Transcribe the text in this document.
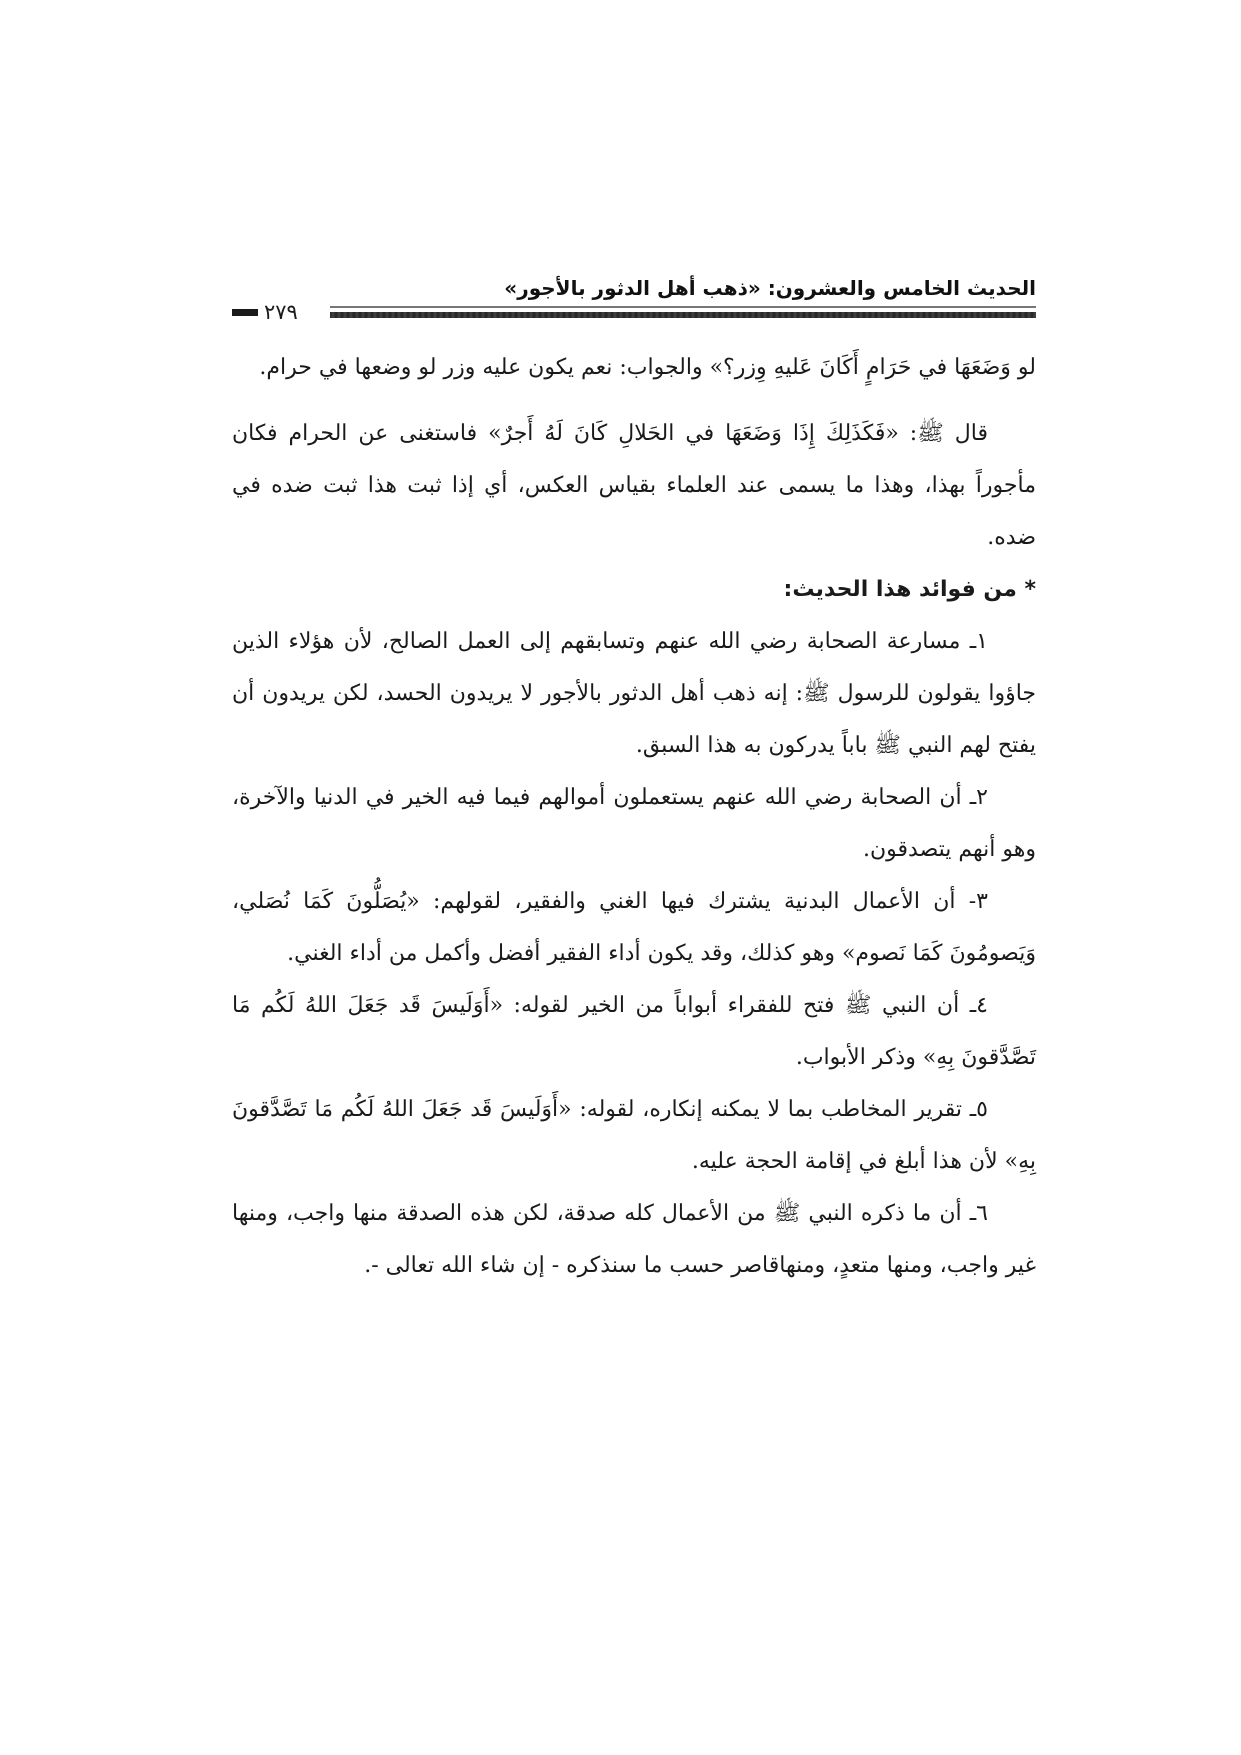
الحديث الخامس والعشرون: «ذهب أهل الدثور بالأجور»
٢٧٩

لو وَضَعَهَا في حَرَامٍ أَكَانَ عَليهِ وِزر؟» والجواب: نعم يكون عليه وزر لو وضعها في حرام.

قال ﷺ: «فَكَذَلِكَ إِذَا وَضَعَهَا في الحَلالِ كَانَ لَهُ أَجرٌ» فاستغنى عن الحرام فكان مأجوراً بهذا، وهذا ما يسمى عند العلماء بقياس العكس، أي إذا ثبت هذا ثبت ضده في ضده.

* من فوائد هذا الحديث:

١ـ مسارعة الصحابة رضي الله عنهم وتسابقهم إلى العمل الصالح، لأن هؤلاء الذين جاؤوا يقولون للرسول ﷺ: إنه ذهب أهل الدثور بالأجور لا يريدون الحسد، لكن يريدون أن يفتح لهم النبي ﷺ باباً يدركون به هذا السبق.

٢ـ أن الصحابة رضي الله عنهم يستعملون أموالهم فيما فيه الخير في الدنيا والآخرة، وهو أنهم يتصدقون.

٣- أن الأعمال البدنية يشترك فيها الغني والفقير، لقولهم: «يُصَلُّونَ كَمَا نُصَلي، وَيَصومُونَ كَمَا نَصوم» وهو كذلك، وقد يكون أداء الفقير أفضل وأكمل من أداء الغني.

٤ـ أن النبي ﷺ فتح للفقراء أبواباً من الخير لقوله: «أَوَلَيسَ قَد جَعَلَ اللهُ لَكُم مَا تَصَّدَّقونَ بِهِ» وذكر الأبواب.

٥ـ تقرير المخاطب بما لا يمكنه إنكاره، لقوله: «أَوَلَيسَ قَد جَعَلَ اللهُ لَكُم مَا تَصَّدَّقونَ بِهِ» لأن هذا أبلغ في إقامة الحجة عليه.

٦ـ أن ما ذكره النبي ﷺ من الأعمال كله صدقة، لكن هذه الصدقة منها واجب، ومنها غير واجب، ومنها متعدٍ، ومنهاقاصر حسب ما سنذكره - إن شاء الله تعالى -.
